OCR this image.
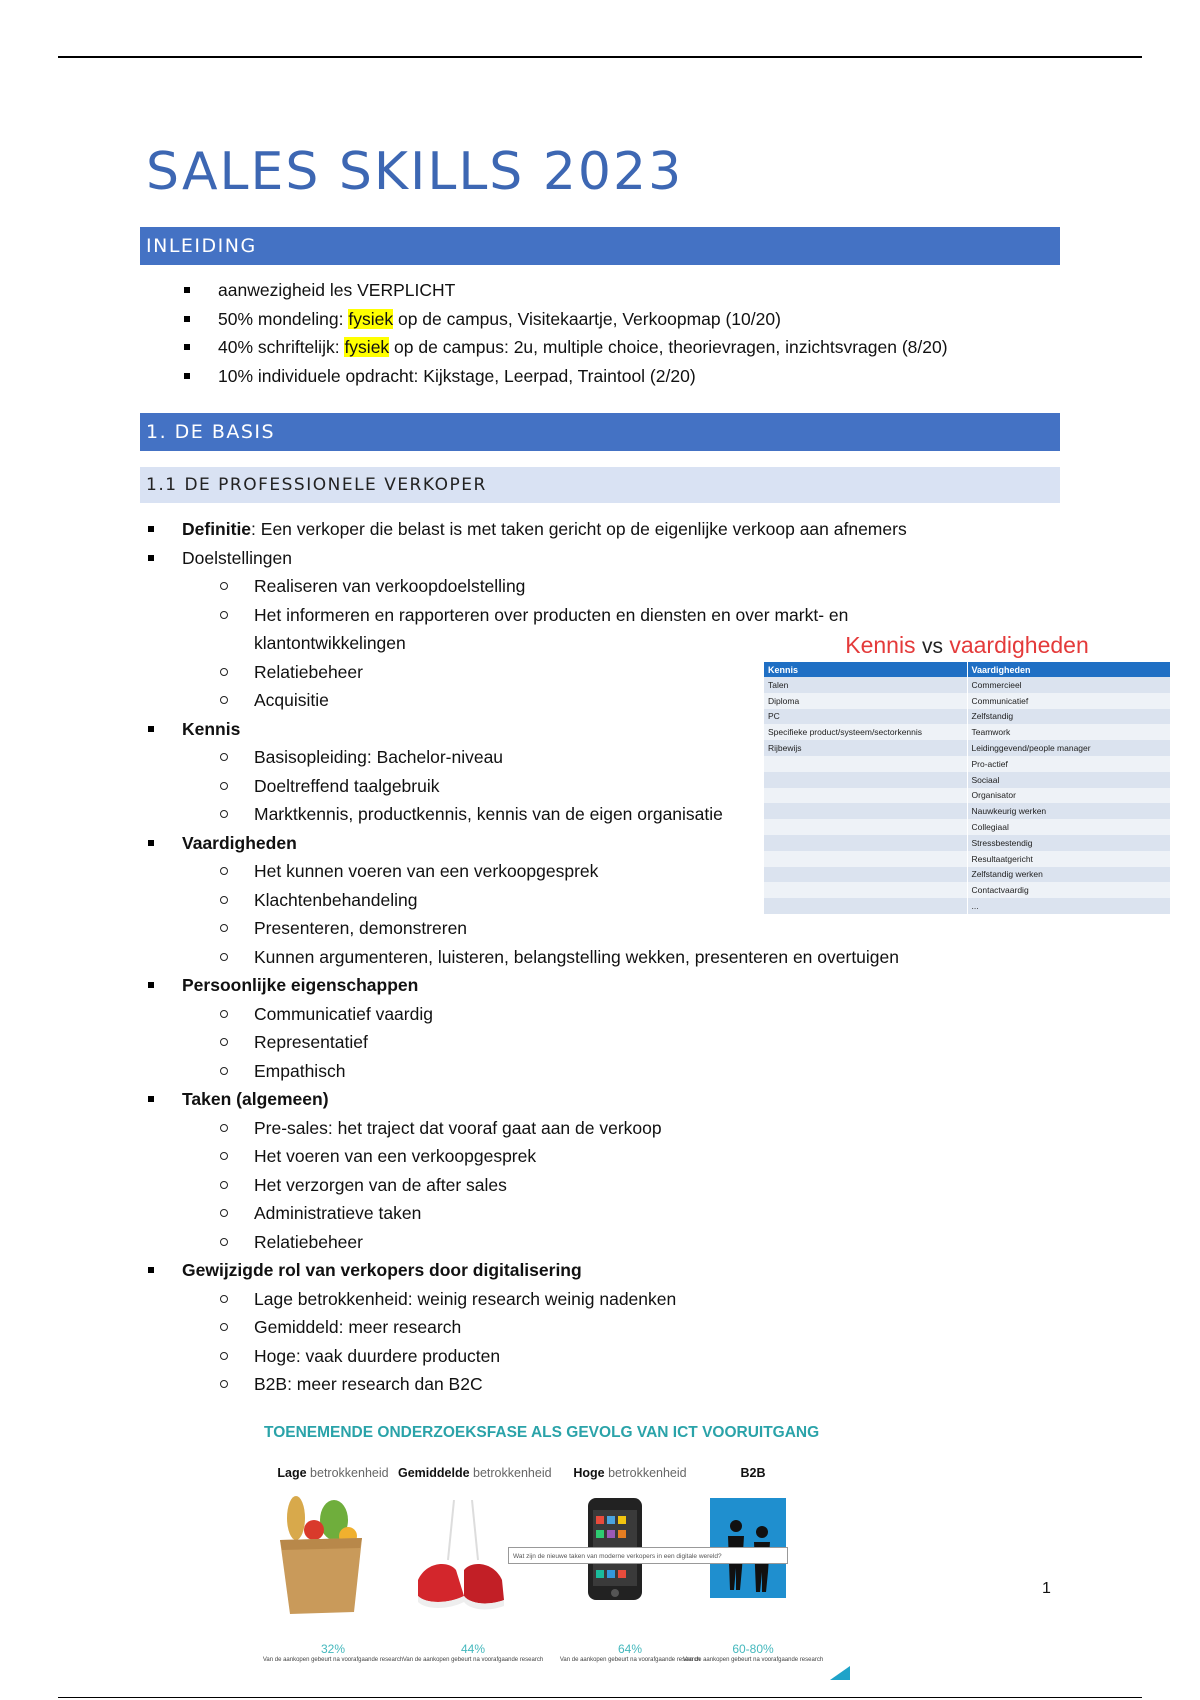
SALES SKILLS 2023
INLEIDING
aanwezigheid les VERPLICHT
50% mondeling: fysiek op de campus, Visitekaartje, Verkoopmap (10/20)
40% schriftelijk: fysiek op de campus: 2u, multiple choice, theorievragen, inzichtsvragen (8/20)
10% individuele opdracht: Kijkstage, Leerpad, Traintool (2/20)
1. DE BASIS
1.1 DE PROFESSIONELE VERKOPER
Definitie: Een verkoper die belast is met taken gericht op de eigenlijke verkoop aan afnemers
Doelstellingen
Realiseren van verkoopdoelstelling
Het informeren en rapporteren over producten en diensten en over markt- en klantontwikkelingen
Relatiebeheer
Acquisitie
Kennis
Basisopleiding: Bachelor-niveau
Doeltreffend taalgebruik
Marktkennis, productkennis, kennis van de eigen organisatie
Vaardigheden
Het kunnen voeren van een verkoopgesprek
Klachtenbehandeling
Presenteren, demonstreren
Kunnen argumenteren, luisteren, belangstelling wekken, presenteren en overtuigen
Persoonlijke eigenschappen
Communicatief vaardig
Representatief
Empathisch
Taken (algemeen)
Pre-sales: het traject dat vooraf gaat aan de verkoop
Het voeren van een verkoopgesprek
Het verzorgen van de after sales
Administratieve taken
Relatiebeheer
Gewijzigde rol van verkopers door digitalisering
Lage betrokkenheid: weinig research weinig nadenken
Gemiddeld: meer research
Hoge: vaak duurdere producten
B2B: meer research dan B2C
Kennis vs vaardigheden
Kennis	Vaardigheden
Talen	Commercieel
Diploma	Communicatief
PC	Zelfstandig
Specifieke product/systeem/sectorkennis	Teamwork
Rijbewijs	Leidinggevend/people manager
	Pro-actief
	Sociaal
	Organisator
	Nauwkeurig werken
	Collegiaal
	Stressbestendig
	Resultaatgericht
	Zelfstandig werken
	Contactvaardig
	...
TOENEMENDE ONDERZOEKSFASE ALS GEVOLG VAN ICT VOORUITGANG
Lage betrokkenheid Gemiddelde betrokkenheid	Hoge betrokkenheid	B2B
Wat zijn de nieuwe taken van moderne verkopers in een digitale wereld?
32%	44%	64%	60-80%
Van de aankopen gebeurt na voorafgaande research Van de aankopen gebeurt na voorafgaande research	Van de aankopen gebeurt na voorafgaande research
Van de aankopen gebeurt na voorafgaande research
1
